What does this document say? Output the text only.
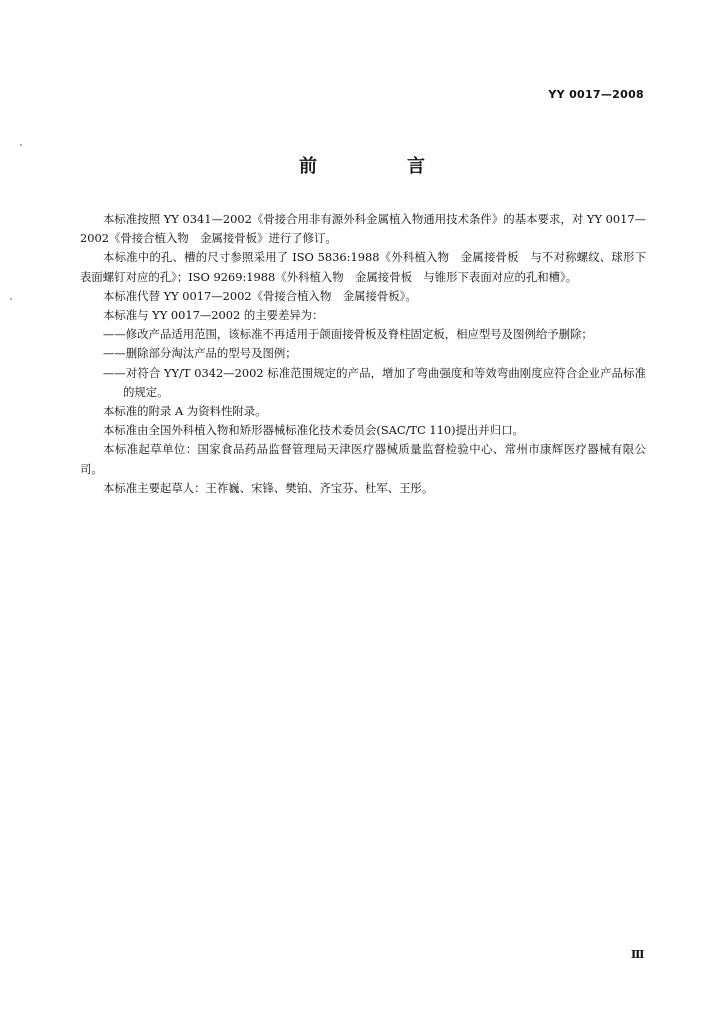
YY 0017—2008
前　言

本标准按照 YY 0341—2002《骨接合用非有源外科金属植入物通用技术条件》的基本要求，对 YY 0017—2002《骨接合植入物　金属接骨板》进行了修订。

本标准中的孔、槽的尺寸参照采用了 ISO 5836:1988《外科植入物　金属接骨板　与不对称螺纹、球形下表面螺钉对应的孔》；ISO 9269:1988《外科植入物　金属接骨板　与锥形下表面对应的孔和槽》。

本标准代替 YY 0017—2002《骨接合植入物　金属接骨板》。

本标准与 YY 0017—2002 的主要差异为：

——修改产品适用范围，该标准不再适用于颌面接骨板及脊柱固定板，相应型号及图例给予删除；

——删除部分淘汰产品的型号及图例；

——对符合 YY/T 0342—2002 标准范围规定的产品，增加了弯曲强度和等效弯曲刚度应符合企业产品标准的规定。

本标准的附录 A 为资料性附录。

本标准由全国外科植入物和矫形器械标准化技术委员会(SAC/TC 110)提出并归口。

本标准起草单位：国家食品药品监督管理局天津医疗器械质量监督检验中心、常州市康辉医疗器械有限公司。

本标准主要起草人：王祚巍、宋锋、樊铂、齐宝芬、杜军、王彤。

Ⅲ
